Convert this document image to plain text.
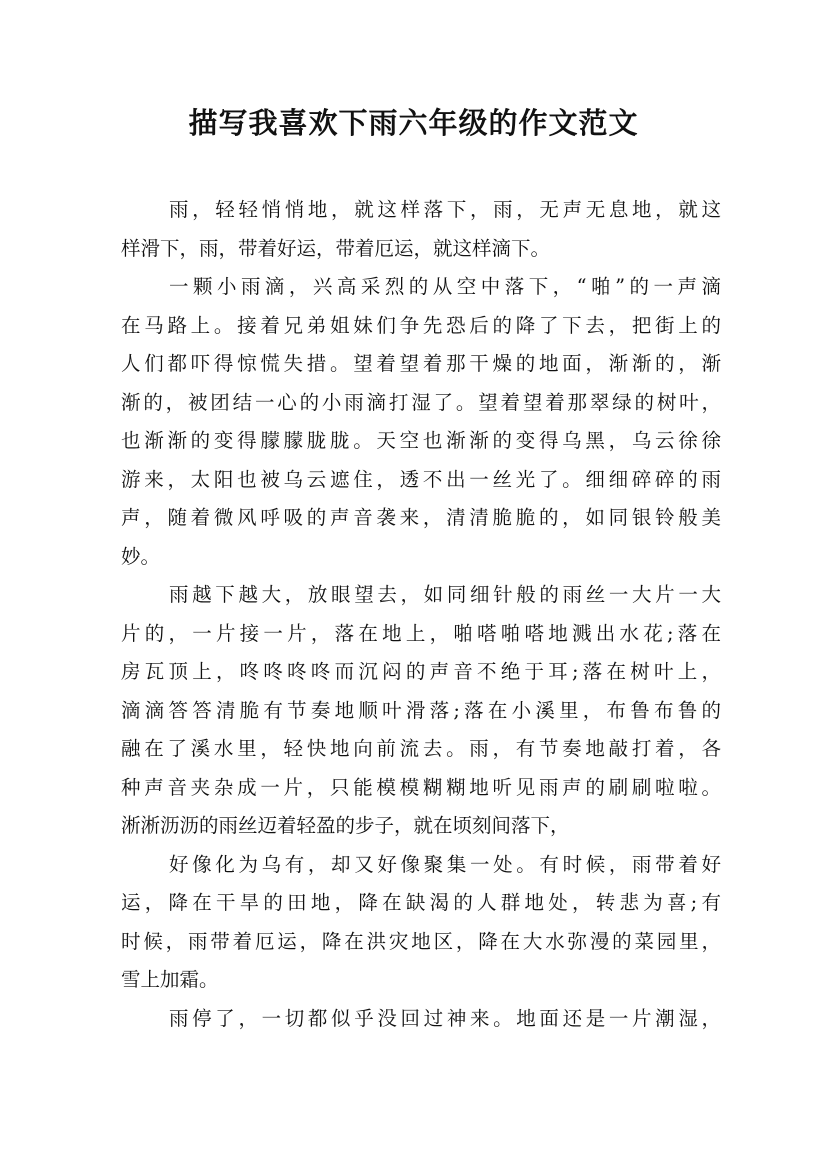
描写我喜欢下雨六年级的作文范文
雨，轻轻悄悄地，就这样落下，雨，无声无息地，就这
样滑下，雨，带着好运，带着厄运，就这样滴下。
一颗小雨滴，兴高采烈的从空中落下，“啪”的一声滴
在马路上。接着兄弟姐妹们争先恐后的降了下去，把街上的
人们都吓得惊慌失措。望着望着那干燥的地面，渐渐的，渐
渐的，被团结一心的小雨滴打湿了。望着望着那翠绿的树叶，
也渐渐的变得朦朦胧胧。天空也渐渐的变得乌黑，乌云徐徐
游来，太阳也被乌云遮住，透不出一丝光了。细细碎碎的雨
声，随着微风呼吸的声音袭来，清清脆脆的，如同银铃般美
妙。
雨越下越大，放眼望去，如同细针般的雨丝一大片一大
片的，一片接一片，落在地上，啪嗒啪嗒地溅出水花;落在
房瓦顶上，咚咚咚咚而沉闷的声音不绝于耳;落在树叶上，
滴滴答答清脆有节奏地顺叶滑落;落在小溪里，布鲁布鲁的
融在了溪水里，轻快地向前流去。雨，有节奏地敲打着，各
种声音夹杂成一片，只能模模糊糊地听见雨声的刷刷啦啦。
淅淅沥沥的雨丝迈着轻盈的步子，就在顷刻间落下，
好像化为乌有，却又好像聚集一处。有时候，雨带着好
运，降在干旱的田地，降在缺渴的人群地处，转悲为喜;有
时候，雨带着厄运，降在洪灾地区，降在大水弥漫的菜园里，
雪上加霜。
雨停了，一切都似乎没回过神来。地面还是一片潮湿，
